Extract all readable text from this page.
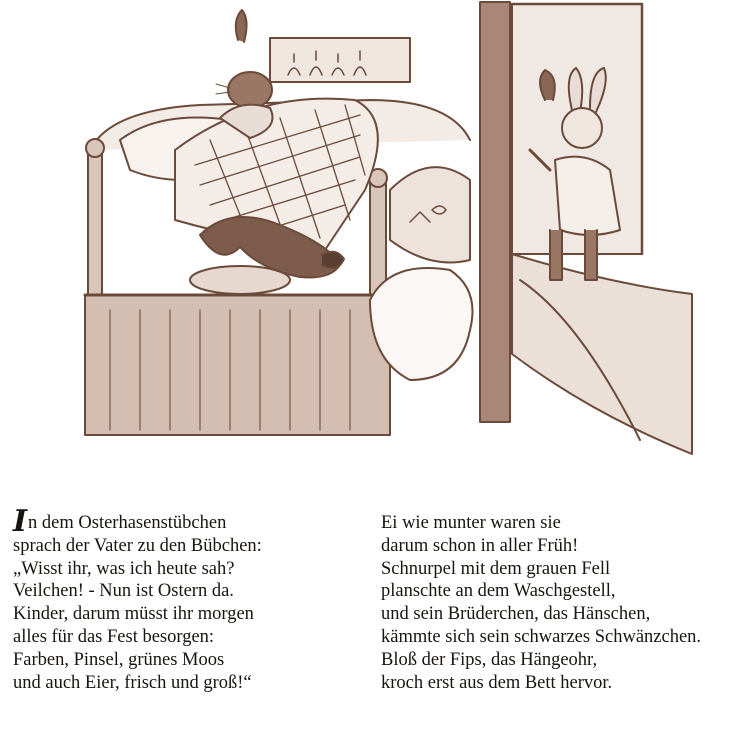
In dem Osterhasenstübchen
sprach der Vater zu den Bübchen:
„Wisst ihr, was ich heute sah?
Veilchen! - Nun ist Ostern da.
Kinder, darum müsst ihr morgen
alles für das Fest besorgen:
Farben, Pinsel, grünes Moos
und auch Eier, frisch und groß!“
Ei wie munter waren sie
darum schon in aller Früh!
Schnurpel mit dem grauen Fell
planschte an dem Waschgestell,
und sein Brüderchen, das Hänschen,
kämmte sich sein schwarzes Schwänzchen.
Bloß der Fips, das Hängeohr,
kroch erst aus dem Bett hervor.
